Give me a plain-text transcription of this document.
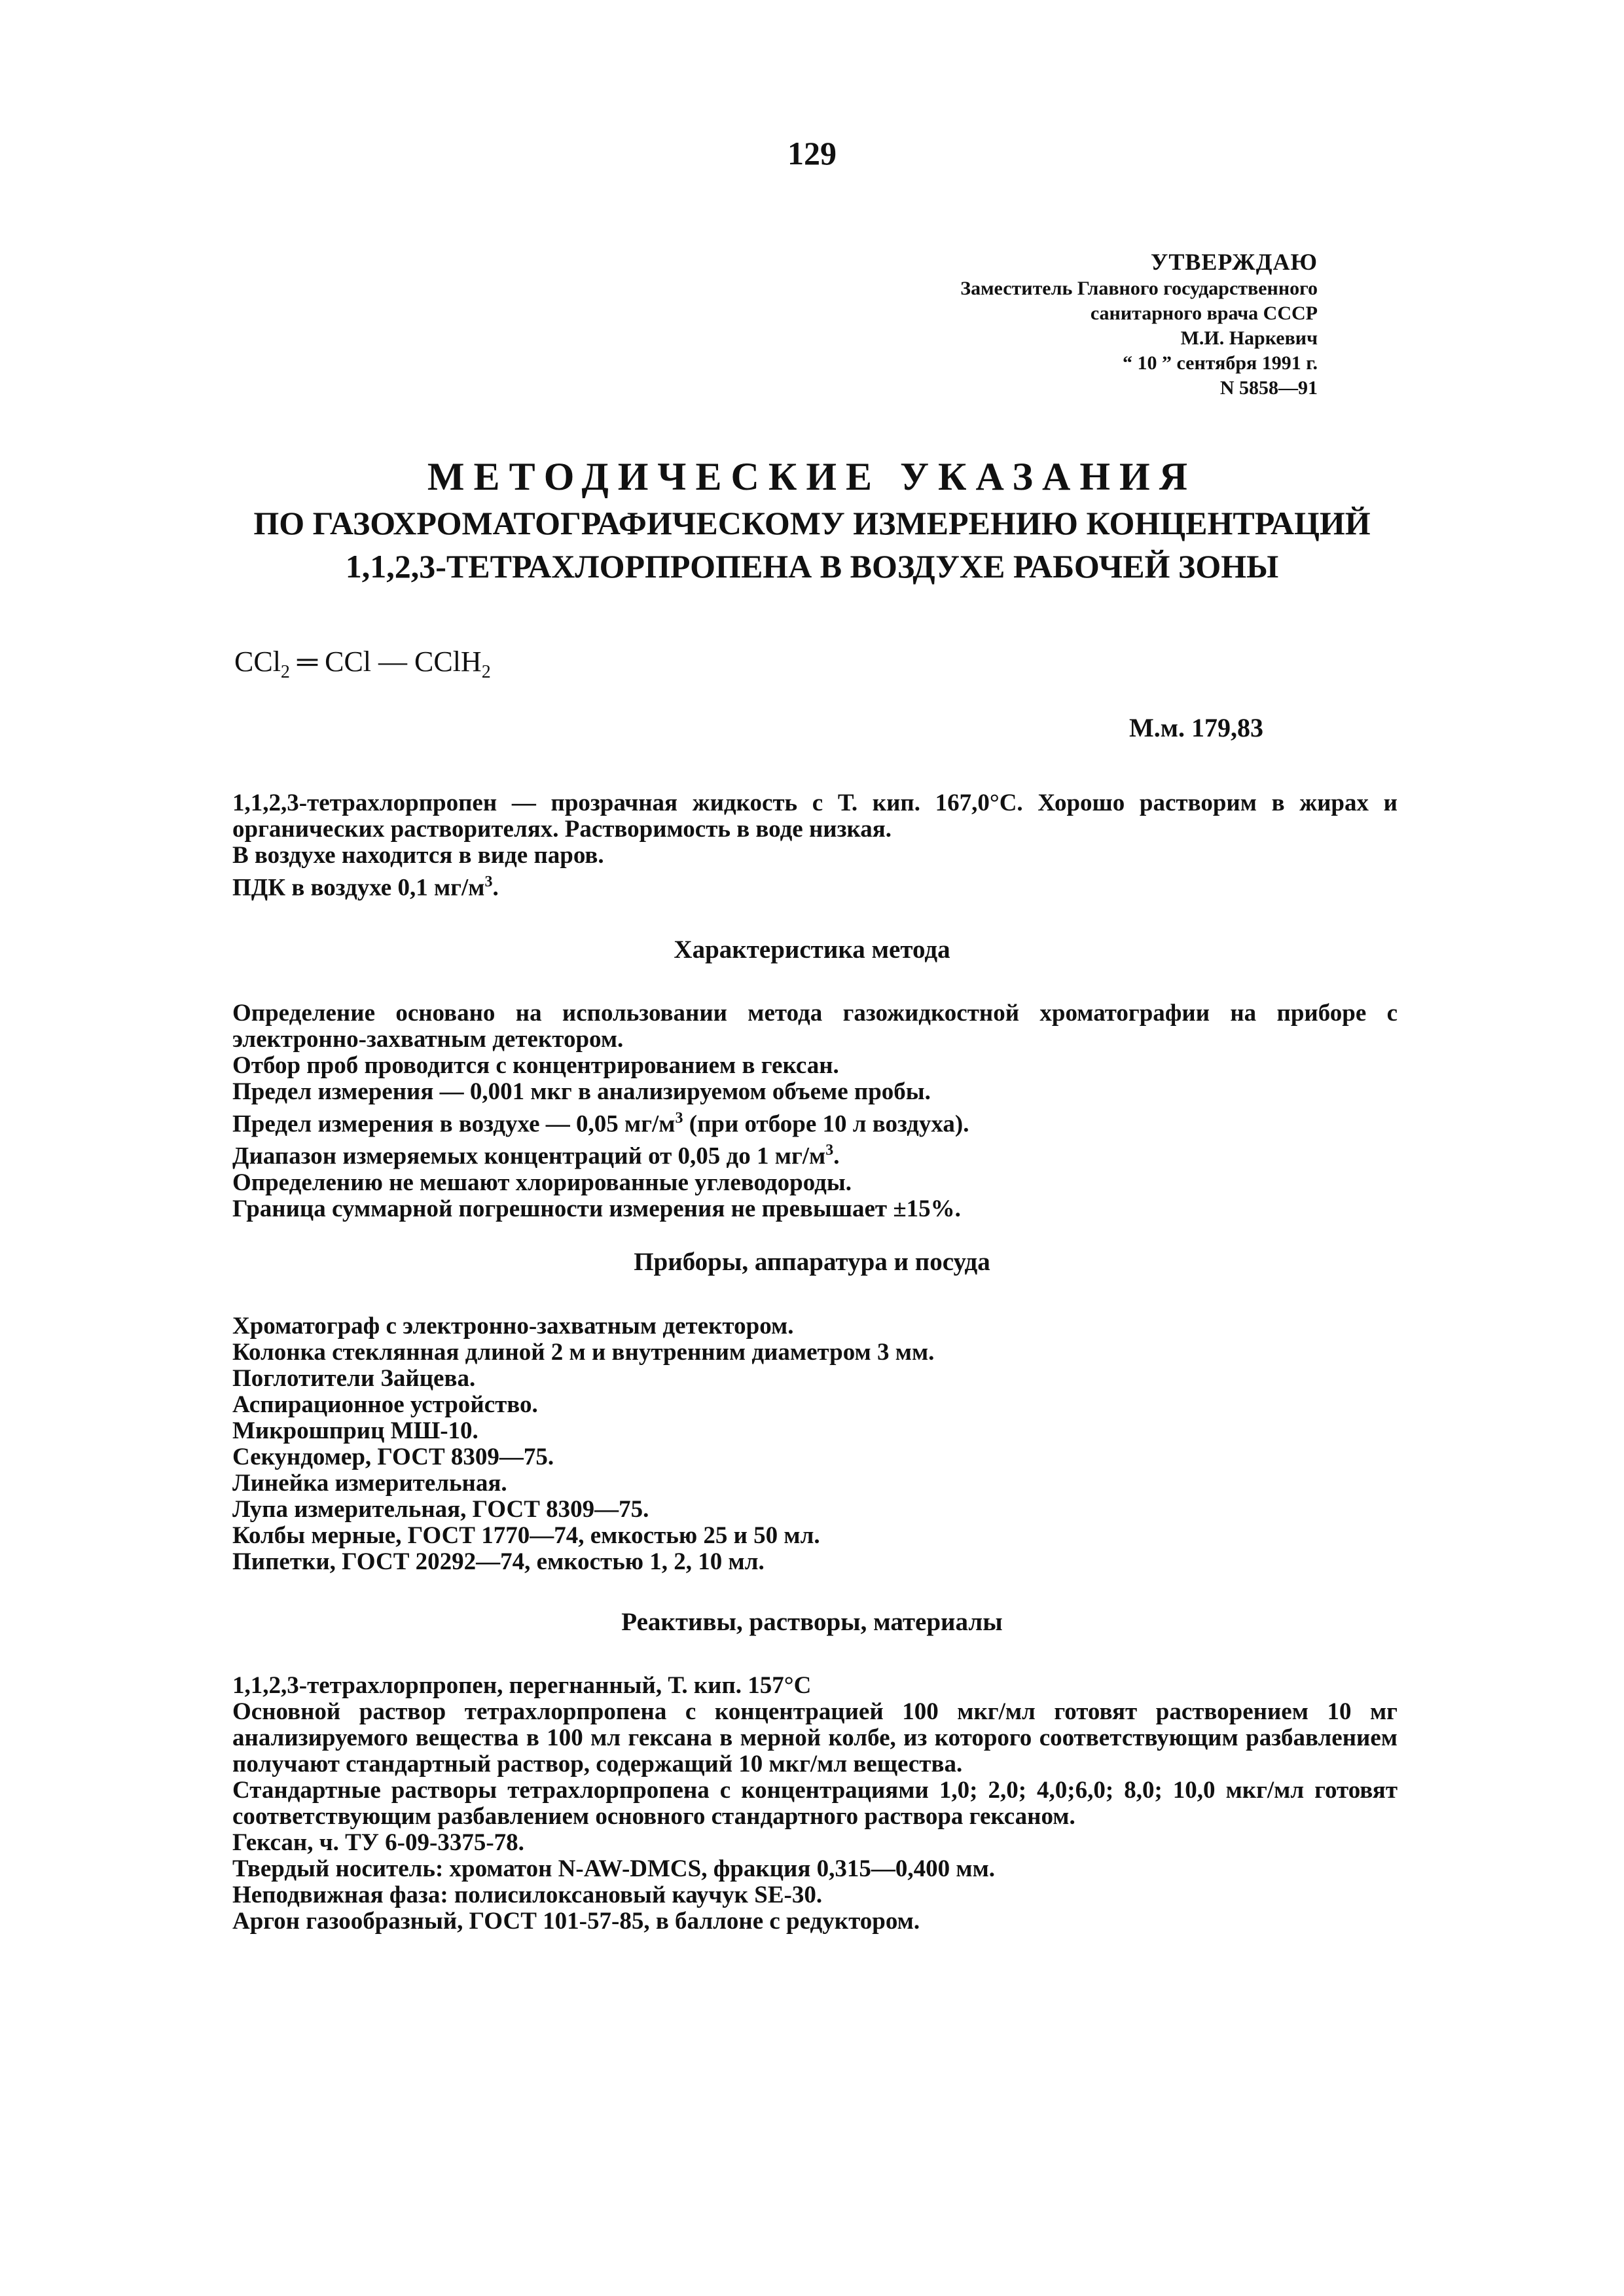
129
УТВЕРЖДАЮ
Заместитель Главного государственного
санитарного врача СССР
М.И. Наркевич
“ 10 ” сентября 1991 г.
N 5858—91
МЕТОДИЧЕСКИЕ УКАЗАНИЯ
ПО ГАЗОХРОМАТОГРАФИЧЕСКОМУ ИЗМЕРЕНИЮ КОНЦЕНТРАЦИЙ
1,1,2,3-ТЕТРАХЛОРПРОПЕНА В ВОЗДУХЕ РАБОЧЕЙ ЗОНЫ
CCl$_2$ ═ CCl — CClH$_2$
М.м. 179,83

1,1,2,3-тетрахлорпропен — прозрачная жидкость с Т. кип. 167,0°С. Хорошо растворим в жирах и органических растворителях. Растворимость в воде низкая.

В воздухе находится в виде паров.

ПДК в воздухе 0,1 $мг/м^3$.

Характеристика метода

Определение основано на использовании метода газожидкостной хроматографии на приборе с электронно-захватным детектором.

Отбор проб проводится с концентрированием в гексан.

Предел измерения — 0,001 мкг в анализируемом объеме пробы.

Предел измерения в воздухе — 0,05 $мг/м^3$ (при отборе 10 л воздуха).

Диапазон измеряемых концентраций от 0,05 до 1 $мг/м^3$.

Определению не мешают хлорированные углеводороды.

Граница суммарной погрешности измерения не превышает ±15%.

Приборы, аппаратура и посуда

Хроматограф с электронно-захватным детектором.

Колонка стеклянная длиной 2 м и внутренним диаметром 3 мм.

Поглотители Зайцева.

Аспирационное устройство.

Микрошприц МШ-10.

Секундомер, ГОСТ 8309—75.

Линейка измерительная.

Лупа измерительная, ГОСТ 8309—75.

Колбы мерные, ГОСТ 1770—74, емкостью 25 и 50 мл.

Пипетки, ГОСТ 20292—74, емкостью 1, 2, 10 мл.

Реактивы, растворы, материалы

1,1,2,3-тетрахлорпропен, перегнанный, Т. кип. 157°С

Основной раствор тетрахлорпропена с концентрацией 100 мкг/мл готовят растворением 10 мг анализируемого вещества в 100 мл гексана в мерной колбе, из которого соответствующим разбавлением получают стандартный раствор, содержащий 10 мкг/мл вещества.

Стандартные растворы тетрахлорпропена с концентрациями 1,0; 2,0; 4,0;6,0; 8,0; 10,0 мкг/мл готовят соответствующим разбавлением основного стандартного раствора гексаном.

Гексан, ч. ТУ 6-09-3375-78.

Твердый носитель: хроматон N-AW-DMCS, фракция 0,315—0,400 мм.

Неподвижная фаза: полисилоксановый каучук SE-30.

Аргон газообразный, ГОСТ 101-57-85, в баллоне с редуктором.
